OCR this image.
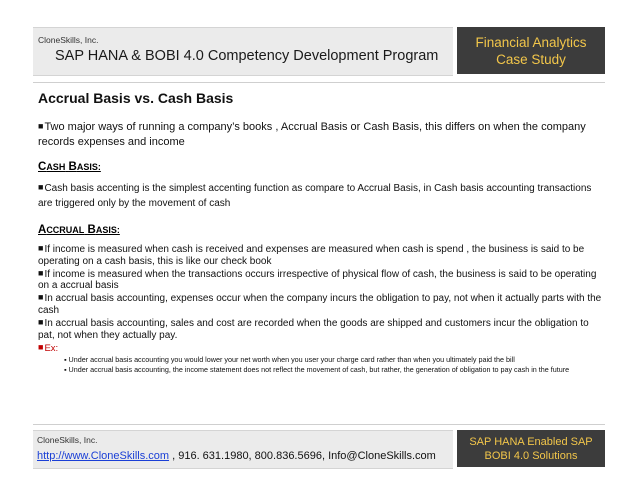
CloneSkills, Inc.
SAP HANA & BOBI 4.0 Competency Development Program
Financial Analytics
Case Study
Accrual Basis vs. Cash Basis

■Two major ways of running a company’s books , Accrual Basis or Cash Basis, this differs on when the company records expenses and income

CASH BASIS:

■Cash basis accenting is the simplest accenting function as compare to Accrual Basis, in Cash basis accounting transactions are triggered only by the movement of cash

ACCRUAL BASIS:

■If income is measured when cash is received and expenses are measured when cash is spend , the business is said to be operating on a cash basis, this is like our check book

■If income is measured when the transactions occurs irrespective of physical flow of cash, the business is said to be operating on a accrual basis

■In accrual basis accounting, expenses occur when the company incurs the obligation to pay, not when it actually parts with the cash

■In accrual basis accounting, sales and cost are recorded when the goods are shipped and customers incur the obligation to pat, not when they actually pay.

■Ex:

▪ Under accrual basis accounting you would lower your net worth when you user your charge card rather than when you ultimately paid the bill
▪ Under accrual basis accounting, the income statement does not reflect the movement of cash, but rather, the generation of obligation to pay cash in the future
CloneSkills, Inc.
http://www.CloneSkills.com , 916. 631.1980, 800.836.5696, Info@CloneSkills.com
SAP HANA Enabled SAP
BOBI 4.0 Solutions
